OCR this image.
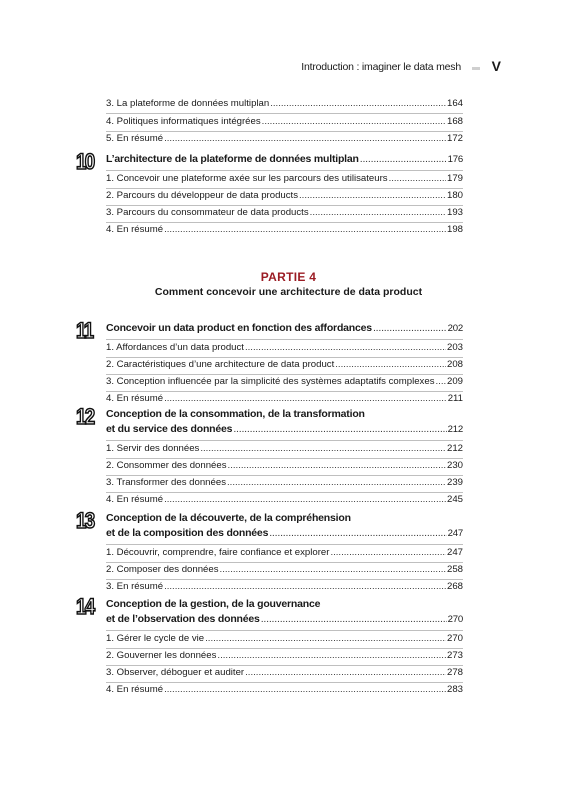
Introduction : imaginer le data mesh V
3. La plateforme de données multiplan .....	164
4. Politiques informatiques intégrées .....	168
5. En résumé .....	172
10 L’architecture de la plateforme de données multiplan .....	176
1. Concevoir une plateforme axée sur les parcours des utilisateurs .....	179
2. Parcours du développeur de data products .....	180
3. Parcours du consommateur de data products .....	193
4. En résumé .....	198
11 Concevoir un data product en fonction des affordances .....	202
1. Affordances d’un data product .....	203
2. Caractéristiques d’une architecture de data product .....	208
3. Conception influencée par la simplicité des systèmes adaptatifs complexes ..... 209
4. En résumé .....	211
12 Conception de la consommation, de la transformation
et du service des données .....	212
1. Servir des données .....	212
2. Consommer des données .....	230
3. Transformer des données .....	239
4. En résumé .....	245
13 Conception de la découverte, de la compréhension
et de la composition des données .....	247
1. Découvrir, comprendre, faire confiance et explorer .....	247
2. Composer des données .....	258
3. En résumé .....	268
14 Conception de la gestion, de la gouvernance
et de l’observation des données .....	270
1. Gérer le cycle de vie .....	270
2. Gouverner les données .....	273
3. Observer, déboguer et auditer .....	278
4. En résumé .....	283
PARTIE 4
Comment concevoir une architecture de data product
